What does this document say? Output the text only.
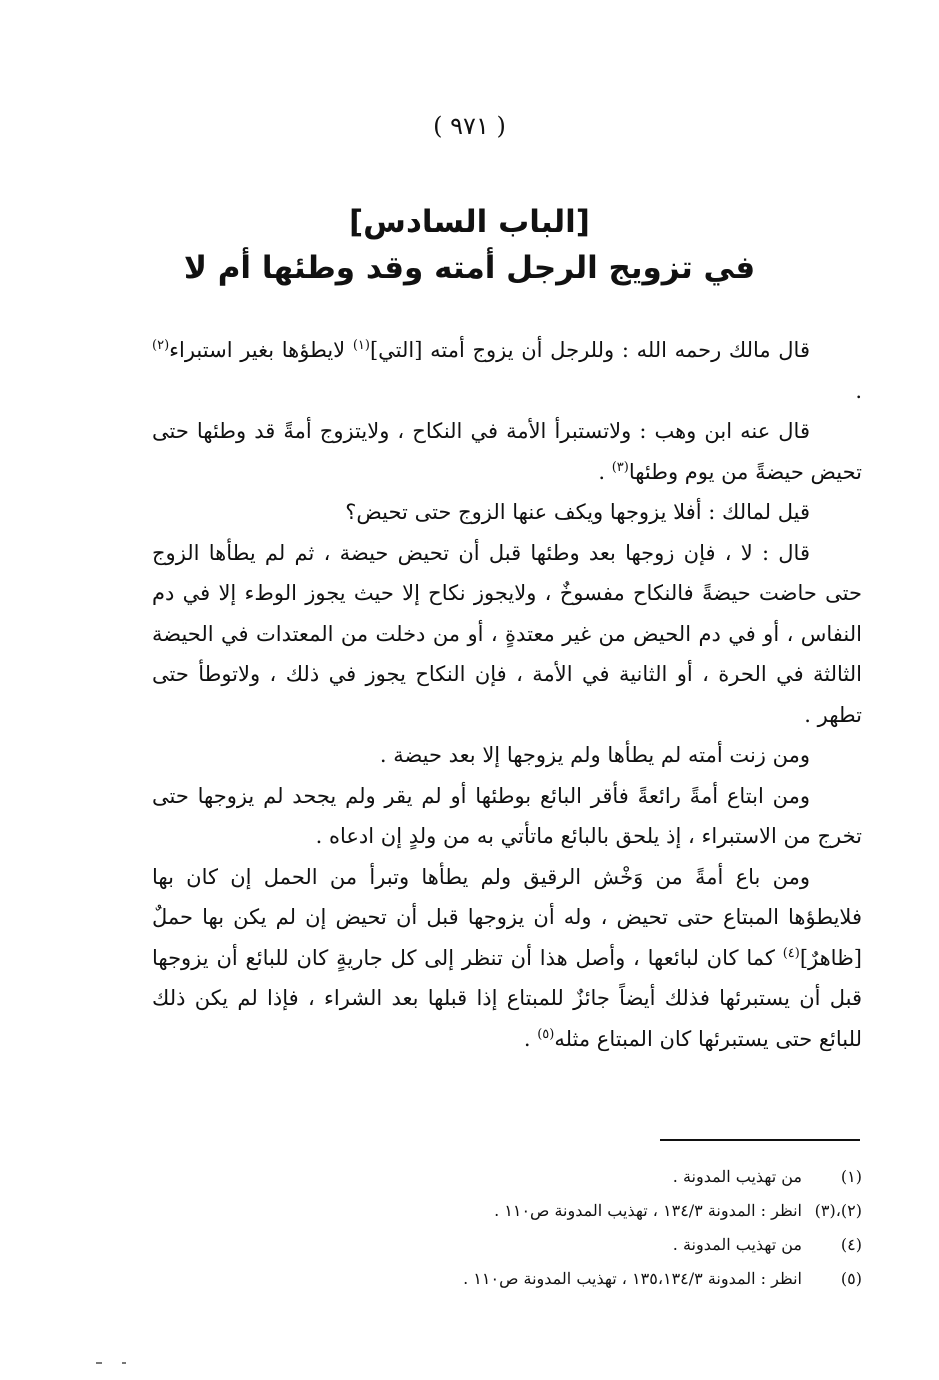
( ٩٧١ )
[الباب السادس]
في تزويج الرجل أمته وقد وطئها أم لا

قال مالك رحمه الله : وللرجل أن يزوج أمته [التي]$^{(١)}$ لايطؤها بغير استبراء$^{(٢)}$ .

قال عنه ابن وهب : ولاتستبرأ الأمة في النكاح ، ولايتزوج أمةً قد وطئها حتى تحيض حيضةً من يوم وطئها$^{(٣)}$ .

قيل لمالك : أفلا يزوجها ويكف عنها الزوج حتى تحيض؟

قال : لا ، فإن زوجها بعد وطئها قبل أن تحيض حيضة ، ثم لم يطأها الزوج حتى حاضت حيضةً فالنكاح مفسوخٌ ، ولايجوز نكاح إلا حيث يجوز الوطء إلا في دم النفاس ، أو في دم الحيض من غير معتدةٍ ، أو من دخلت من المعتدات في الحيضة الثالثة في الحرة ، أو الثانية في الأمة ، فإن النكاح يجوز في ذلك ، ولاتوطأ حتى تطهر .

ومن زنت أمته لم يطأها ولم يزوجها إلا بعد حيضة .

ومن ابتاع أمةً رائعةً فأقر البائع بوطئها أو لم يقر ولم يجحد لم يزوجها حتى تخرج من الاستبراء ، إذ يلحق بالبائع ماتأتي به من ولدٍ إن ادعاه .

ومن باع أمةً من وَخْش الرقيق ولم يطأها وتبرأ من الحمل إن كان بها فلايطؤها المبتاع حتى تحيض ، وله أن يزوجها قبل أن تحيض إن لم يكن بها حملٌ [ظاهرٌ]$^{(٤)}$ كما كان لبائعها ، وأصل هذا أن تنظر إلى كل جاريةٍ كان للبائع أن يزوجها قبل أن يستبرئها فذلك أيضاً جائزٌ للمبتاع إذا قبلها بعد الشراء ، فإذا لم يكن ذلك للبائع حتى يستبرئها كان المبتاع مثله$^{(٥)}$ .

(١)
من تهذيب المدونة .
(٢)،(٣)
انظر : المدونة ١٣٤/٣ ، تهذيب المدونة ص١١٠ .
(٤)
من تهذيب المدونة .
(٥)
انظر : المدونة ١٣٥،١٣٤/٣ ، تهذيب المدونة ص١١٠ .
